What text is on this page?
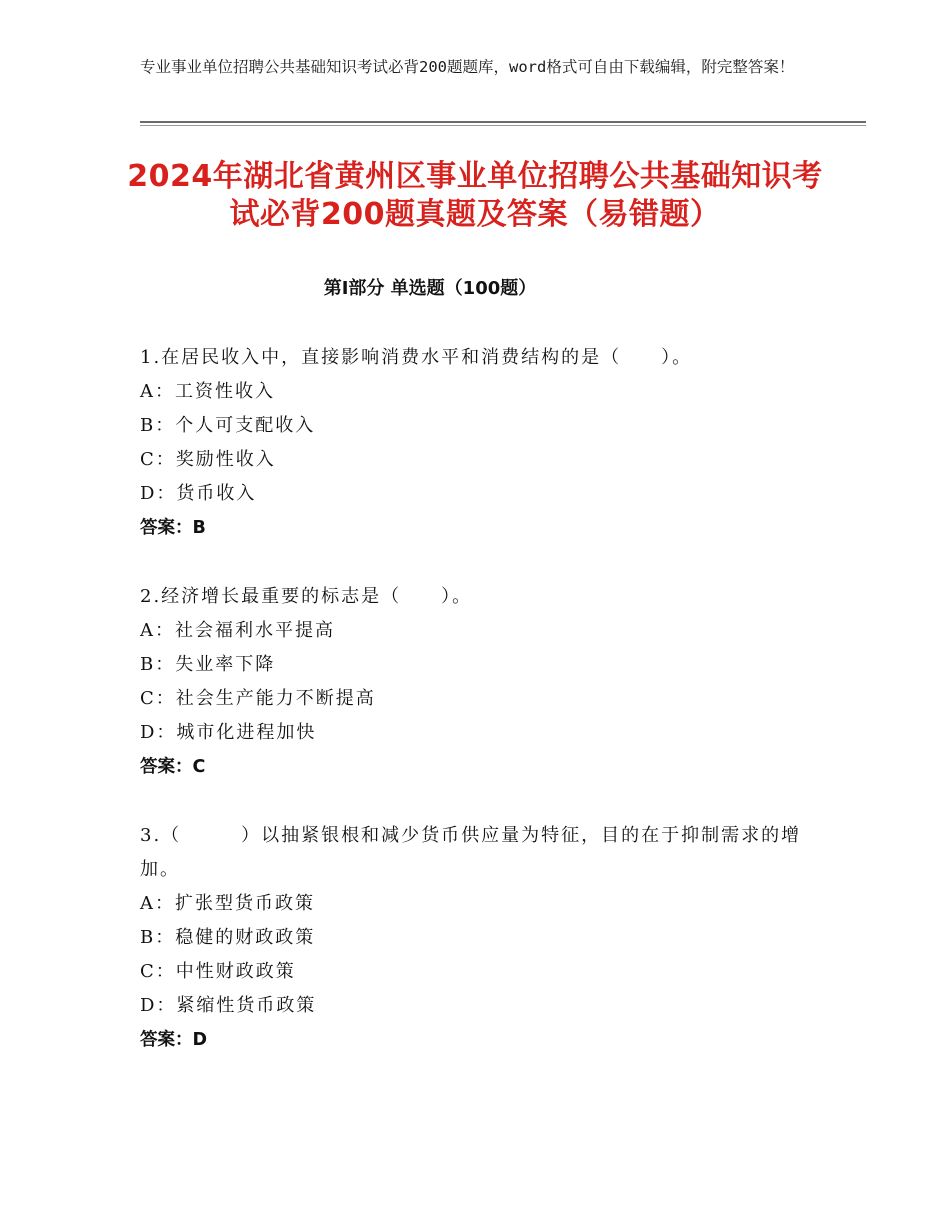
专业事业单位招聘公共基础知识考试必背200题题库，word格式可自由下载编辑，附完整答案！
2024年湖北省黄州区事业单位招聘公共基础知识考试必背200题真题及答案（易错题）
第Ⅰ部分 单选题（100题）
1.在居民收入中，直接影响消费水平和消费结构的是（　　）。
A：工资性收入
B：个人可支配收入
C：奖励性收入
D：货币收入
答案：B
2.经济增长最重要的标志是（　　）。
A：社会福利水平提高
B：失业率下降
C：社会生产能力不断提高
D：城市化进程加快
答案：C
3.（　　　）以抽紧银根和减少货币供应量为特征，目的在于抑制需求的增加。
A：扩张型货币政策
B：稳健的财政政策
C：中性财政政策
D：紧缩性货币政策
答案：D
